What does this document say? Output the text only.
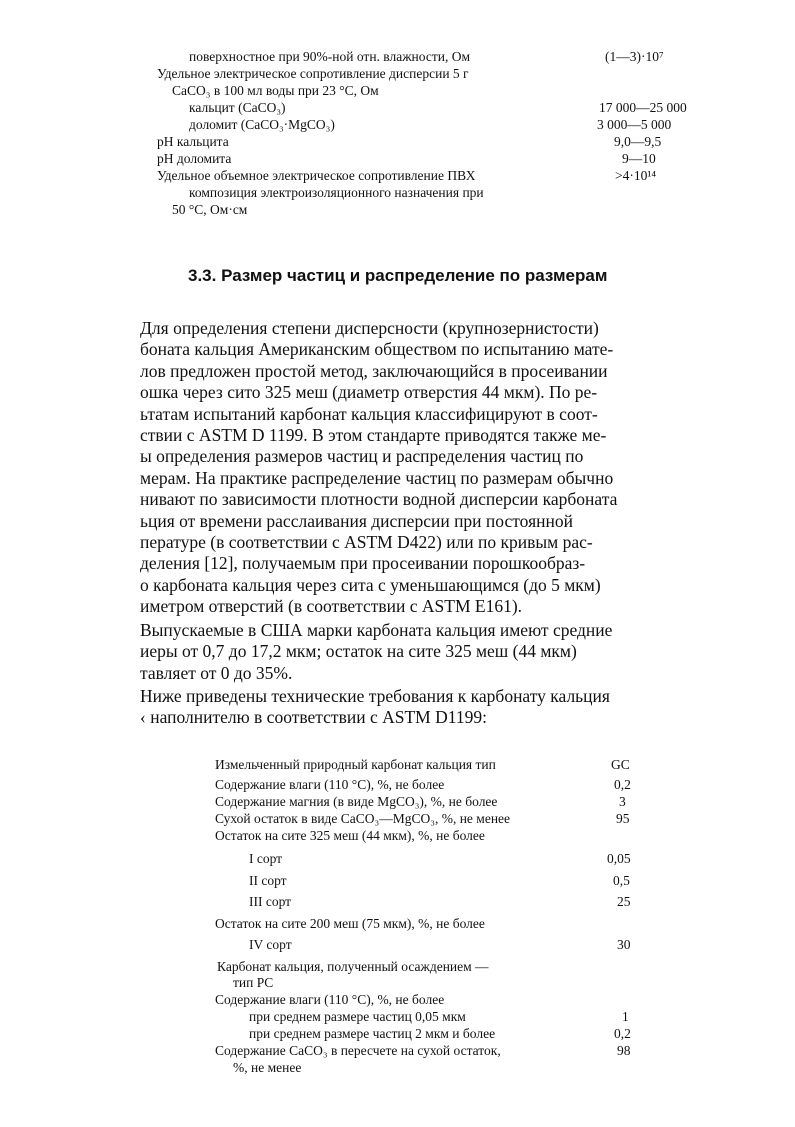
поверхностное при 90%-ной отн. влажности, Ом	(1—3)·10⁷
Удельное электрическое сопротивление дисперсии 5 г
CaCO₃ в 100 мл воды при 23 °С, Ом
кальцит (CaCO₃)	17 000—25 000
доломит (CaCO₃·MgCO₃)	3 000—5 000
pH кальцита	9,0—9,5
pH доломита	9—10
Удельное объемное электрическое сопротивление ПВХ	>4·10¹⁴
композиция электроизоляционного назначения при
50 °С, Ом·см
3.3. Размер частиц и распределение по размерам
Для определения степени дисперсности (крупнозернистости)
боната кальция Американским обществом по испытанию мате-
лов предложен простой метод, заключающийся в просеивании
ошка через сито 325 меш (диаметр отверстия 44 мкм). По ре-
ьтатам испытаний карбонат кальция классифицируют в соот-
ствии с ASTM D 1199. В этом стандарте приводятся также ме-
ы определения размеров частиц и распределения частиц по
мерам. На практике распределение частиц по размерам обычно
нивают по зависимости плотности водной дисперсии карбоната
ьция от времени расслаивания дисперсии при постоянной
пературе (в соответствии с ASTM D422) или по кривым рас-
деления [12], получаемым при просеивании порошкообраз-
о карбоната кальция через сита с уменьшающимся (до 5 мкм)
иметром отверстий (в соответствии с ASTM E161).
Выпускаемые в США марки карбоната кальция имеют средние
иеры от 0,7 до 17,2 мкм; остаток на сите 325 меш (44 мкм)
тавляет от 0 до 35%.
Ниже приведены технические требования к карбонату кальция
‹ наполнителю в соответствии с ASTM D1199:
Измельченный природный карбонат кальция тип	GC
Содержание влаги (110 °С), %, не более	0,2
Содержание магния (в виде MgCO₃), %, не более	3
Сухой остаток в виде CaCO₃—MgCO₃, %, не менее	95
Остаток на сите 325 меш (44 мкм), %, не более
I сорт	0,05
II сорт	0,5
III сорт	25
Остаток на сите 200 меш (75 мкм), %, не более
IV сорт	30
Карбонат кальция, полученный осаждением —
тип PC
Содержание влаги (110 °С), %, не более
при среднем размере частиц 0,05 мкм	1
при среднем размере частиц 2 мкм и более	0,2
Содержание CaCO₃ в пересчете на сухой остаток,	98
%, не менее
